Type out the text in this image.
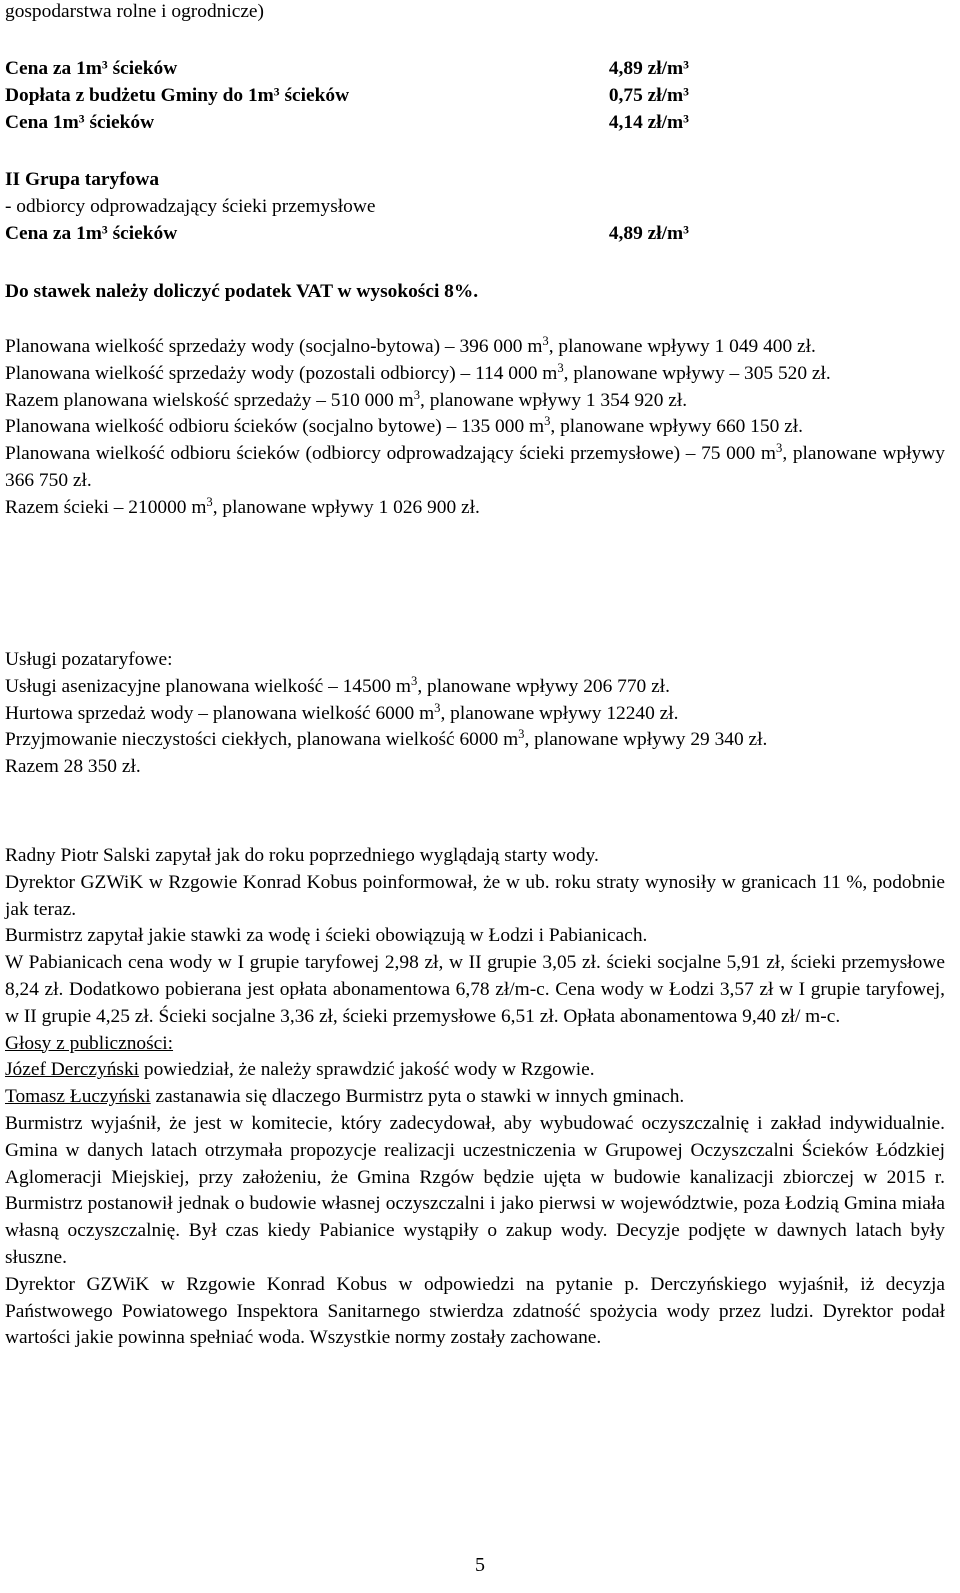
gospodarstwa rolne i ogrodnicze)

Cena za 1m³ ścieków	4,89 zł/m³
Dopłata z budżetu Gminy do 1m³ ścieków	0,75 zł/m³
Cena 1m³ ścieków	4,14 zł/m³

II Grupa taryfowa

- odbiorcy odprowadzający ścieki przemysłowe

Cena za 1m³ ścieków	4,89 zł/m³

Do stawek należy doliczyć podatek VAT w wysokości 8%.

Planowana wielkość sprzedaży wody (socjalno-bytowa) – 396 000 $m^3$, planowane wpływy 1 049 400 zł.

Planowana wielkość sprzedaży wody (pozostali odbiorcy) – 114 000 $m^3$, planowane wpływy – 305 520 zł.

Razem planowana wielskość sprzedaży – 510 000 $m^3$, planowane wpływy 1 354 920 zł.

Planowana wielkość odbioru ścieków (socjalno bytowe) – 135 000 $m^3$, planowane wpływy 660 150 zł.

Planowana wielkość odbioru ścieków (odbiorcy odprowadzający ścieki przemysłowe) – 75 000 $m^3$, planowane wpływy 366 750 zł.

Razem ścieki – 210000 $m^3$, planowane wpływy 1 026 900 zł.

Usługi pozataryfowe:

Usługi asenizacyjne planowana wielkość – 14500 $m^3$, planowane wpływy 206 770 zł.

Hurtowa sprzedaż wody – planowana wielkość 6000 $m^3$, planowane wpływy 12240 zł.

Przyjmowanie nieczystości ciekłych, planowana wielkość 6000 $m^3$, planowane wpływy 29 340 zł.

Razem 28 350 zł.

Radny Piotr Salski zapytał jak do roku poprzedniego wyglądają starty wody.

Dyrektor GZWiK w Rzgowie Konrad Kobus poinformował, że w ub. roku straty wynosiły w granicach 11 %, podobnie jak teraz.

Burmistrz zapytał jakie stawki za wodę i ścieki obowiązują w Łodzi i Pabianicach.

W Pabianicach cena wody w I grupie taryfowej 2,98 zł, w II grupie 3,05 zł. ścieki socjalne 5,91 zł, ścieki przemysłowe 8,24 zł. Dodatkowo pobierana jest opłata abonamentowa 6,78 zł/m-c. Cena wody w Łodzi 3,57 zł w I grupie taryfowej, w II grupie 4,25 zł. Ścieki socjalne 3,36 zł, ścieki przemysłowe 6,51 zł. Opłata abonamentowa 9,40 zł/ m-c.

Głosy z publiczności:

Józef Derczyński powiedział, że należy sprawdzić jakość wody w Rzgowie.

Tomasz Łuczyński zastanawia się dlaczego Burmistrz pyta o stawki w innych gminach.

Burmistrz wyjaśnił, że jest w komitecie, który zadecydował, aby wybudować oczyszczalnię i zakład indywidualnie. Gmina w danych latach otrzymała propozycje realizacji uczestniczenia w Grupowej Oczyszczalni Ścieków Łódzkiej Aglomeracji Miejskiej, przy założeniu, że Gmina Rzgów będzie ujęta w budowie kanalizacji zbiorczej w 2015 r. Burmistrz postanowił jednak o budowie własnej oczyszczalni i jako pierwsi w województwie, poza Łodzią Gmina miała własną oczyszczalnię. Był czas kiedy Pabianice wystąpiły o zakup wody. Decyzje podjęte w dawnych latach były słuszne.

Dyrektor GZWiK w Rzgowie Konrad Kobus w odpowiedzi na pytanie p. Derczyńskiego wyjaśnił, iż decyzja Państwowego Powiatowego Inspektora Sanitarnego stwierdza zdatność spożycia wody przez ludzi. Dyrektor podał wartości jakie powinna spełniać woda. Wszystkie normy zostały zachowane.

5
